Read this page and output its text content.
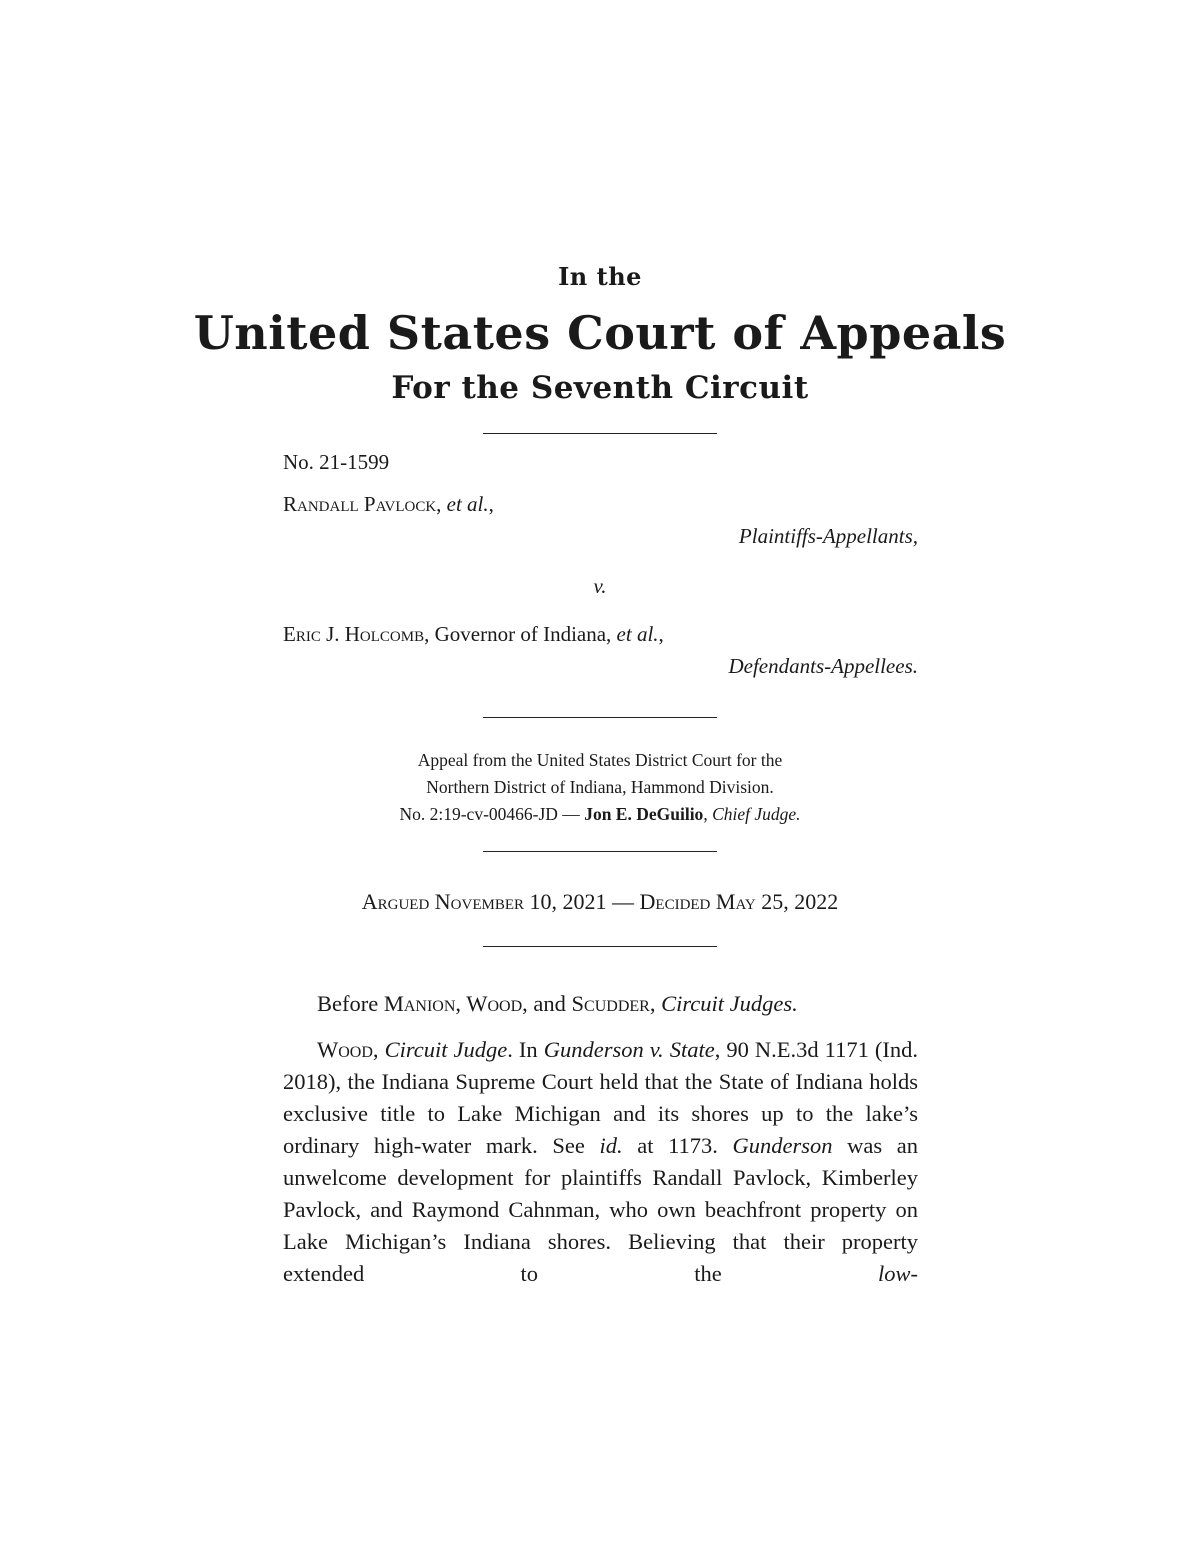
In the
United States Court of Appeals
For the Seventh Circuit
No. 21-1599
Randall Pavlock, et al.,
Plaintiffs-Appellants,
v.
Eric J. Holcomb, Governor of Indiana, et al.,
Defendants-Appellees.
Appeal from the United States District Court for the
Northern District of Indiana, Hammond Division.
No. 2:19-cv-00466-JD — Jon E. DeGuilio, Chief Judge.
Argued November 10, 2021 — Decided May 25, 2022
Before Manion, Wood, and Scudder, Circuit Judges.

Wood, Circuit Judge. In Gunderson v. State, 90 N.E.3d 1171 (Ind. 2018), the Indiana Supreme Court held that the State of Indiana holds exclusive title to Lake Michigan and its shores up to the lake’s ordinary high-water mark. See id. at 1173. Gunderson was an unwelcome development for plaintiffs Randall Pavlock, Kimberley Pavlock, and Raymond Cahnman, who own beachfront property on Lake Michigan’s Indiana shores. Believing that their property extended to the low-
